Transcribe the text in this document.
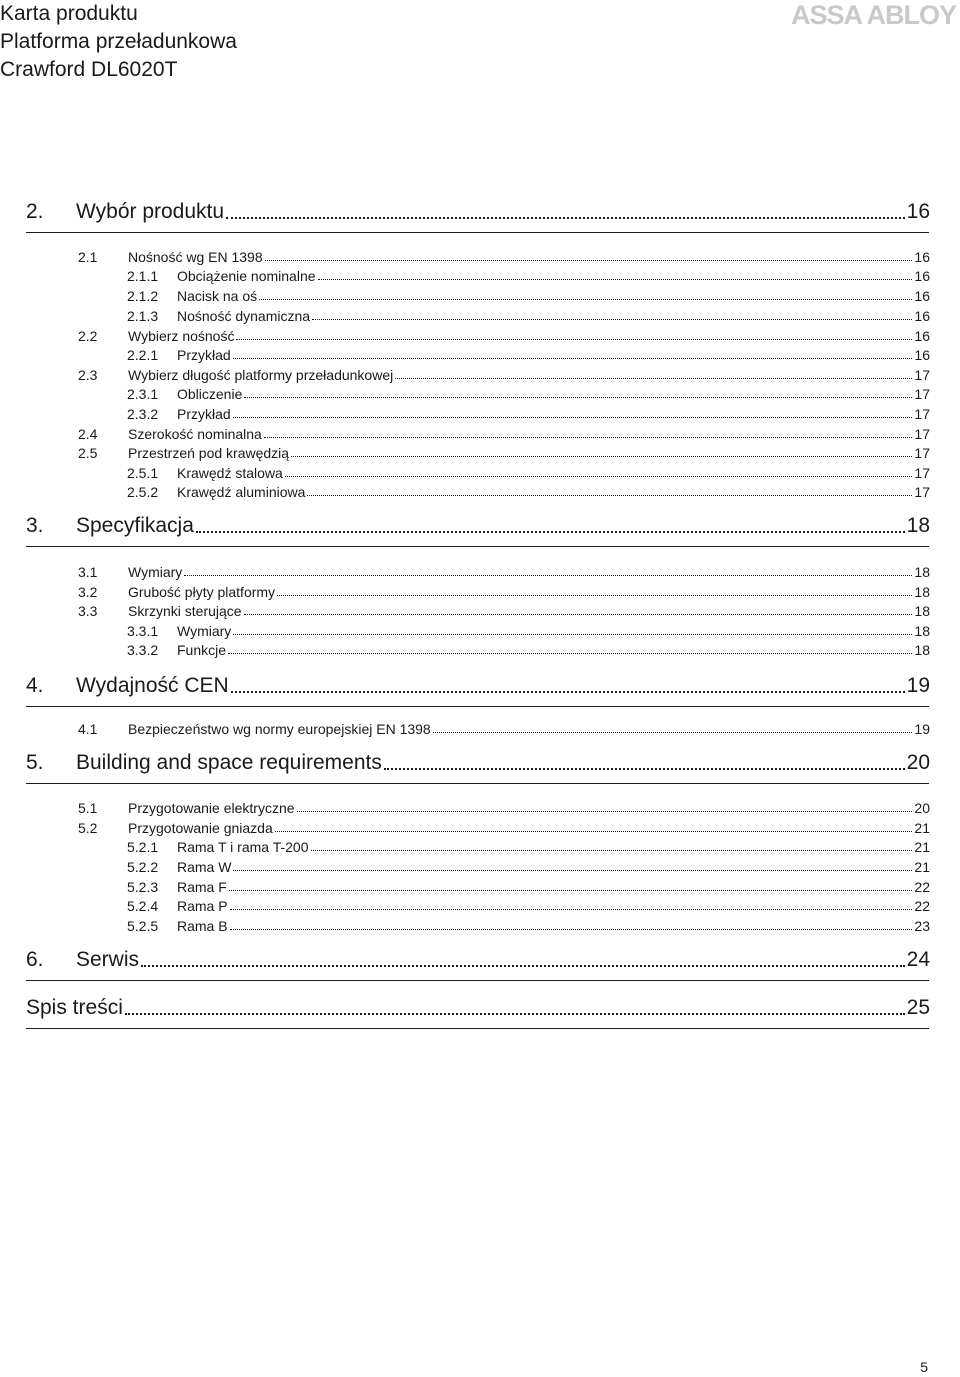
Karta produktu
Platforma przeładunkowa
Crawford DL6020T
ASSA ABLOY
2.	Wybór produktu	16
2.1	Nośność wg EN 1398	16
2.1.1	Obciążenie nominalne	16
2.1.2	Nacisk na oś	16
2.1.3	Nośność dynamiczna	16
2.2	Wybierz nośność	16
2.2.1	Przykład	16
2.3	Wybierz długość platformy przeładunkowej	17
2.3.1	Obliczenie	17
2.3.2	Przykład	17
2.4	Szerokość nominalna	17
2.5	Przestrzeń pod krawędzią	17
2.5.1	Krawędź stalowa	17
2.5.2	Krawędź aluminiowa	17
3.	Specyfikacja	18
3.1	Wymiary	18
3.2	Grubość płyty platformy	18
3.3	Skrzynki sterujące	18
3.3.1	Wymiary	18
3.3.2	Funkcje	18
4.	Wydajność CEN	19
4.1	Bezpieczeństwo wg normy europejskiej EN 1398	19
5.	Building and space requirements	20
5.1	Przygotowanie elektryczne	20
5.2	Przygotowanie gniazda	21
5.2.1	Rama T i rama T-200	21
5.2.2	Rama W	21
5.2.3	Rama F	22
5.2.4	Rama P	22
5.2.5	Rama B	23
6.	Serwis	24
Spis treści	25
5
